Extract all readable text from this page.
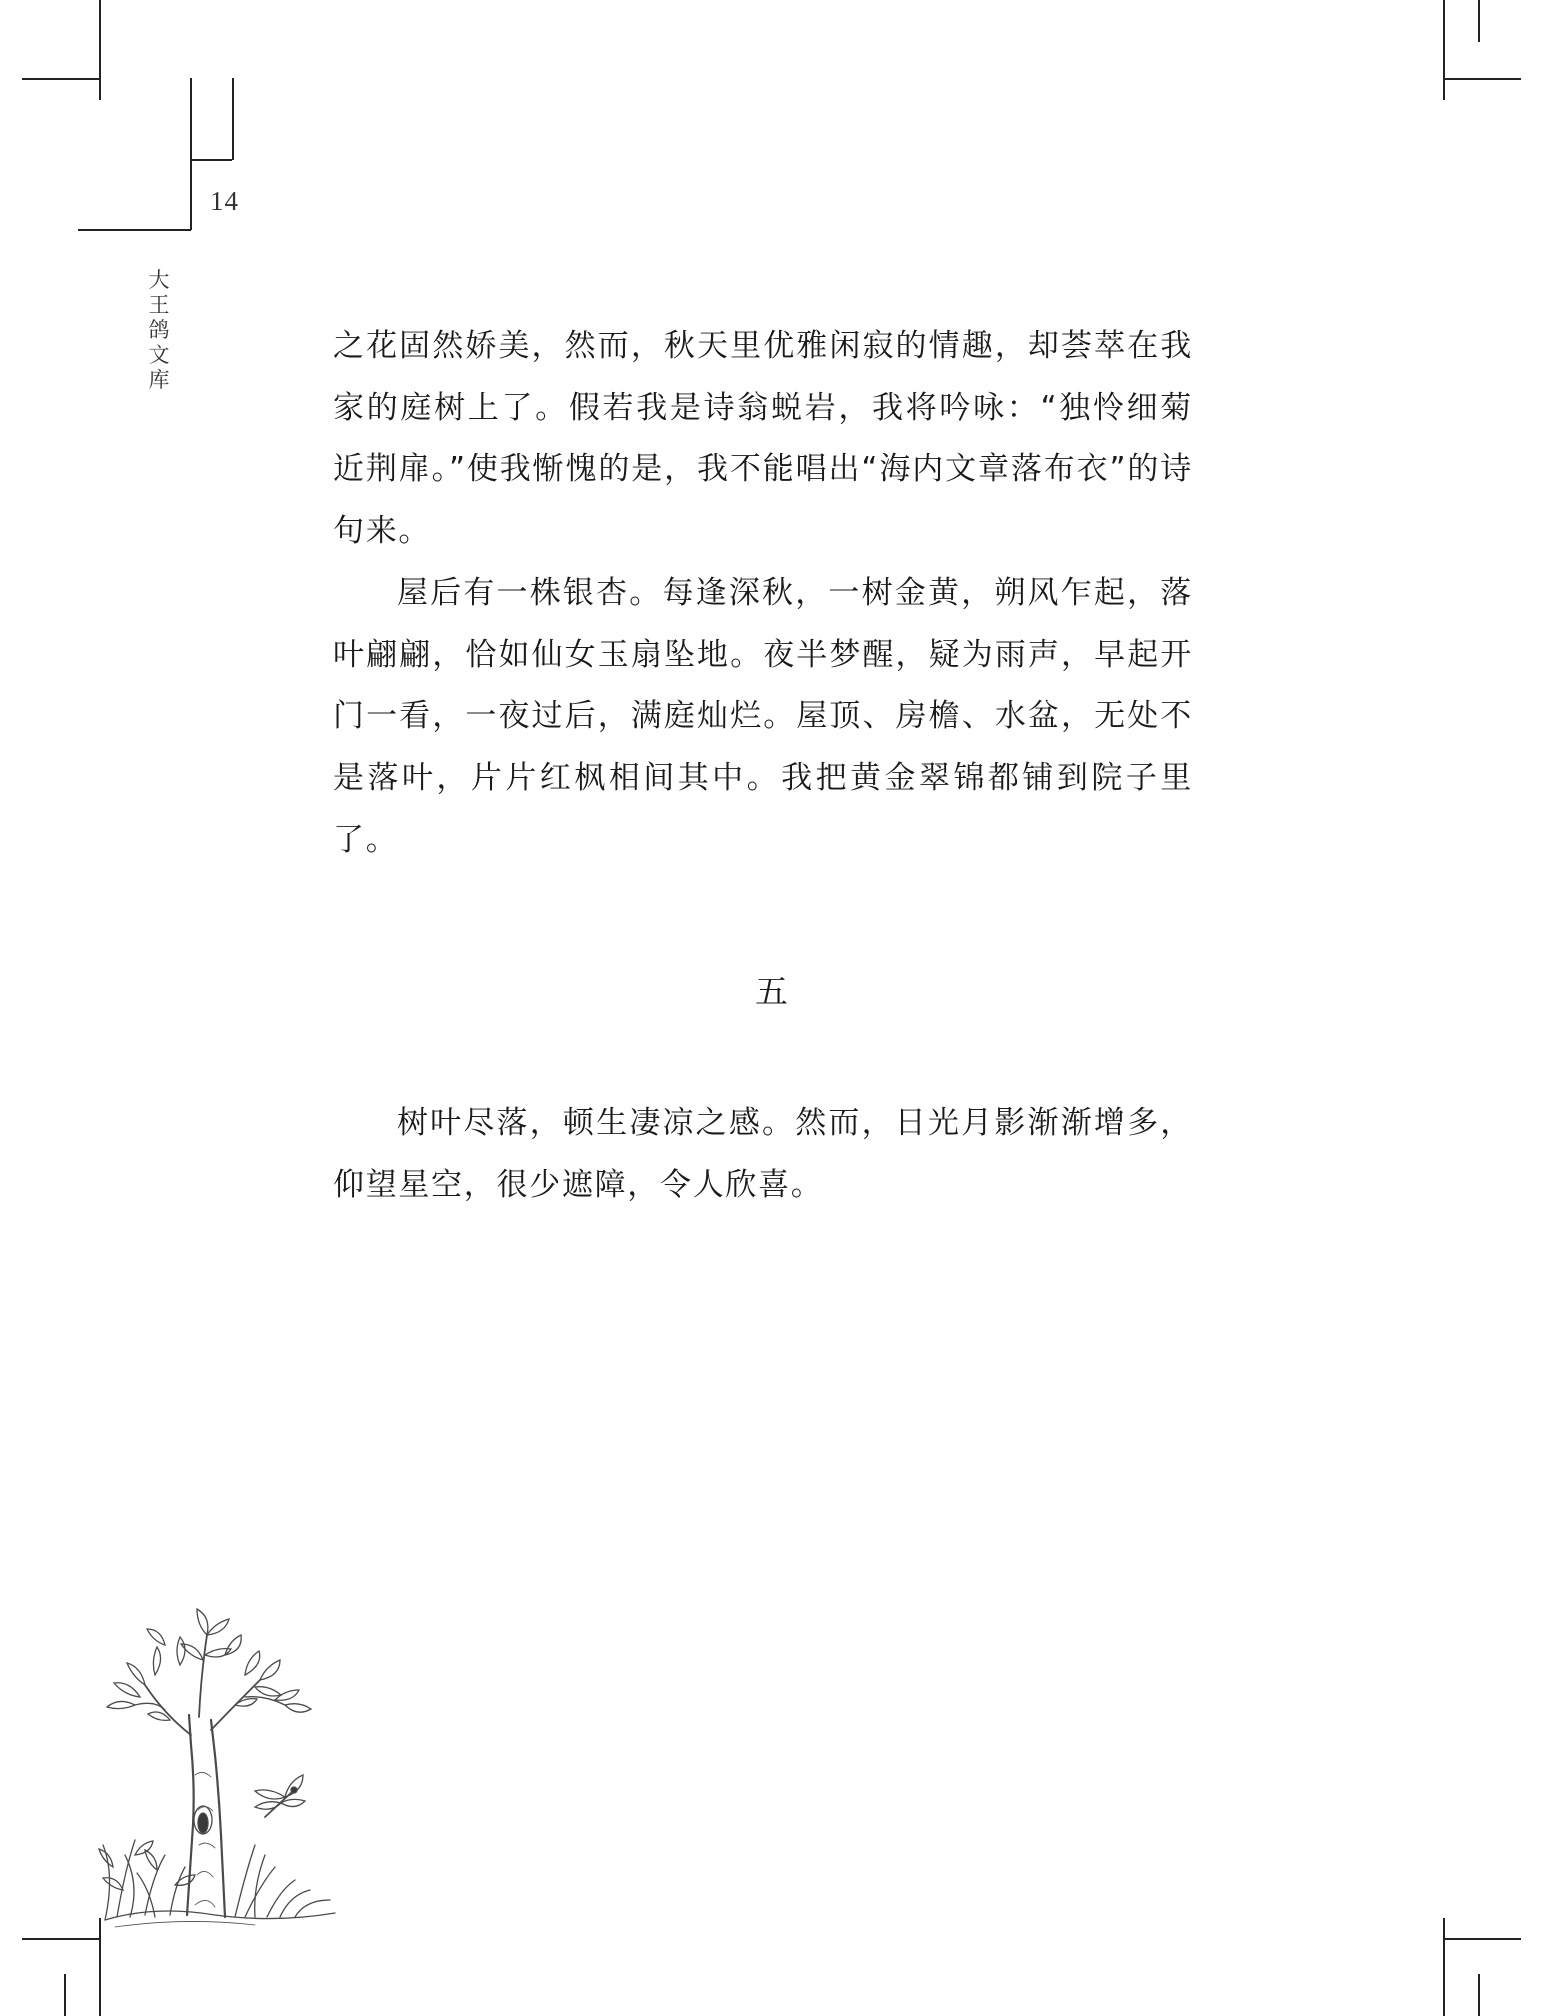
14
大
王
鸽
文
库

之花固然娇美，然而，秋天里优雅闲寂的情趣，却荟萃在我家的庭树上了。假若我是诗翁蜕岩，我将吟咏：“独怜细菊近荆扉。”使我惭愧的是，我不能唱出“海内文章落布衣”的诗句来。

屋后有一株银杏。每逢深秋，一树金黄，朔风乍起，落叶翩翩，恰如仙女玉扇坠地。夜半梦醒，疑为雨声，早起开门一看，一夜过后，满庭灿烂。屋顶、房檐、水盆，无处不是落叶，片片红枫相间其中。我把黄金翠锦都铺到院子里了。

五

树叶尽落，顿生凄凉之感。然而，日光月影渐渐增多，仰望星空，很少遮障，令人欣喜。
